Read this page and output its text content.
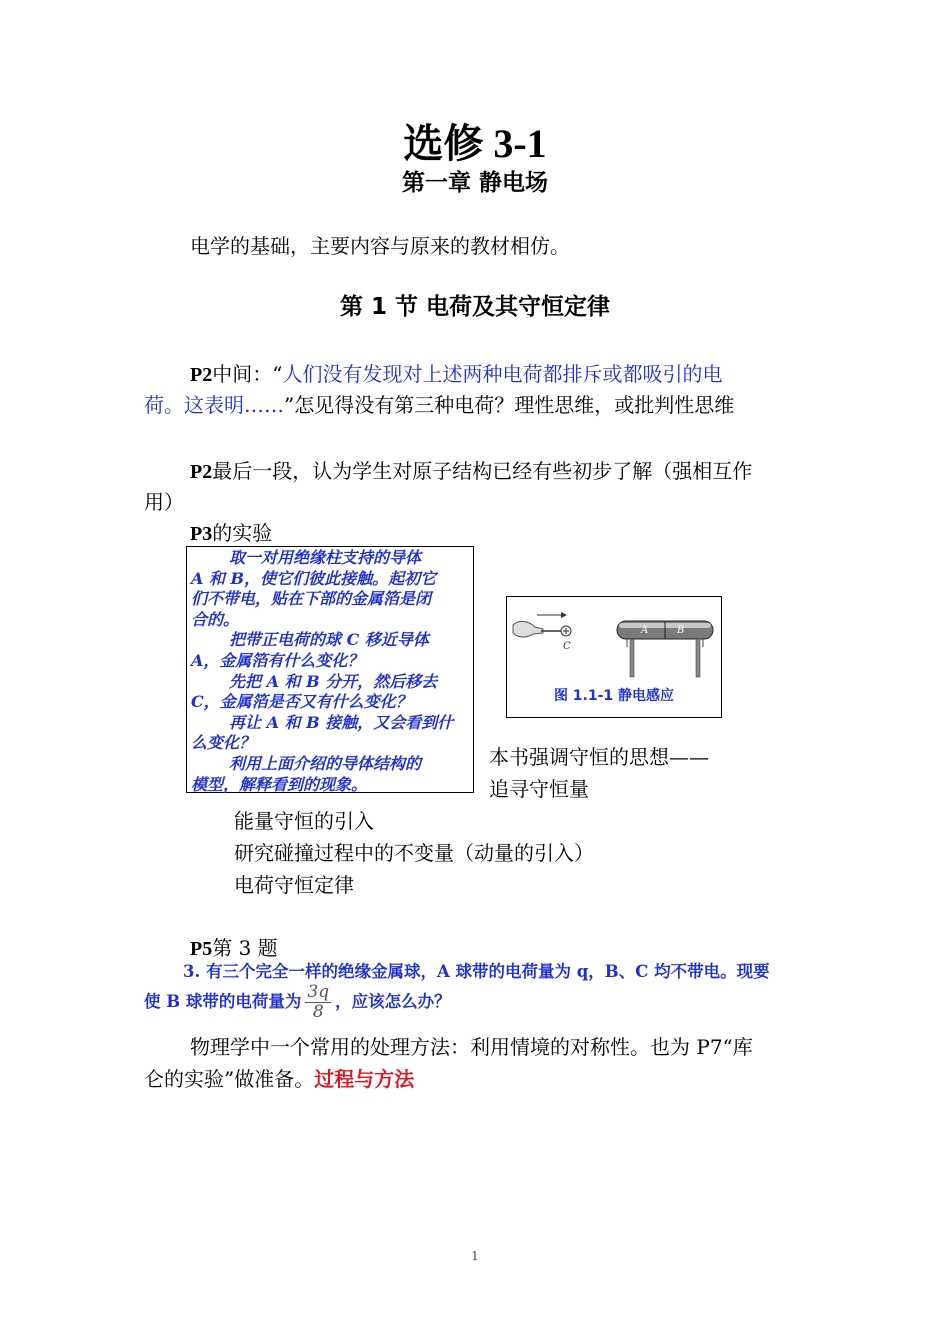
选修 3-1
第一章 静电场
电学的基础，主要内容与原来的教材相仿。
第 1 节 电荷及其守恒定律
P2中间：“人们没有发现对上述两种电荷都排斥或都吸引的电
荷。这表明……”怎见得没有第三种电荷？理性思维，或批判性思维
P2最后一段，认为学生对原子结构已经有些初步了解（强相互作
用）
P3的实验
取一对用绝缘柱支持的导体
A 和 B，使它们彼此接触。起初它
们不带电，贴在下部的金属箔是闭
合的。
把带正电荷的球 C 移近导体
A，金属箔有什么变化？
先把 A 和 B 分开，然后移去
C，金属箔是否又有什么变化？
再让 A 和 B 接触，又会看到什
么变化？
利用上面介绍的导体结构的
模型，解释看到的现象。
C
A	B
图 1.1-1 静电感应
本书强调守恒的思想——
追寻守恒量
能量守恒的引入
研究碰撞过程中的不变量（动量的引入）
电荷守恒定律
P5第 3 题
3. 有三个完全一样的绝缘金属球，A 球带的电荷量为 q，B、C 均不带电。现要
使 B 球带的电荷量为 $\frac{3q}{8}$ ，应该怎么办？
物理学中一个常用的处理方法：利用情境的对称性。也为 P7“库
仑的实验”做准备。过程与方法
1
